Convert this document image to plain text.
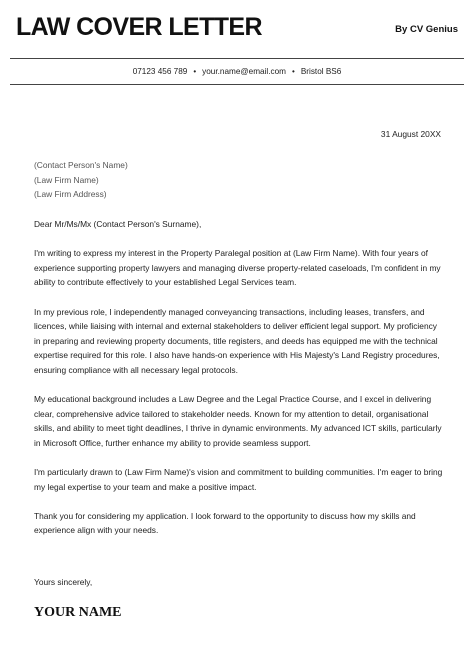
LAW COVER LETTER	By CV Genius
07123 456 789 • your.name@email.com • Bristol BS6
31 August 20XX
(Contact Person's Name)
(Law Firm Name)
(Law Firm Address)

Dear Mr/Ms/Mx (Contact Person's Surname),

I'm writing to express my interest in the Property Paralegal position at (Law Firm Name). With four years of experience supporting property lawyers and managing diverse property-related caseloads, I'm confident in my ability to contribute effectively to your established Legal Services team.

In my previous role, I independently managed conveyancing transactions, including leases, transfers, and licences, while liaising with internal and external stakeholders to deliver efficient legal support. My proficiency in preparing and reviewing property documents, title registers, and deeds has equipped me with the technical expertise required for this role. I also have hands-on experience with His Majesty's Land Registry procedures, ensuring compliance with all necessary legal protocols.

My educational background includes a Law Degree and the Legal Practice Course, and I excel in delivering clear, comprehensive advice tailored to stakeholder needs. Known for my attention to detail, organisational skills, and ability to meet tight deadlines, I thrive in dynamic environments. My advanced ICT skills, particularly in Microsoft Office, further enhance my ability to provide seamless support.

I'm particularly drawn to (Law Firm Name)'s vision and commitment to building communities. I'm eager to bring my legal expertise to your team and make a positive impact.

Thank you for considering my application. I look forward to the opportunity to discuss how my skills and experience align with your needs.

Yours sincerely,
YOUR NAME
